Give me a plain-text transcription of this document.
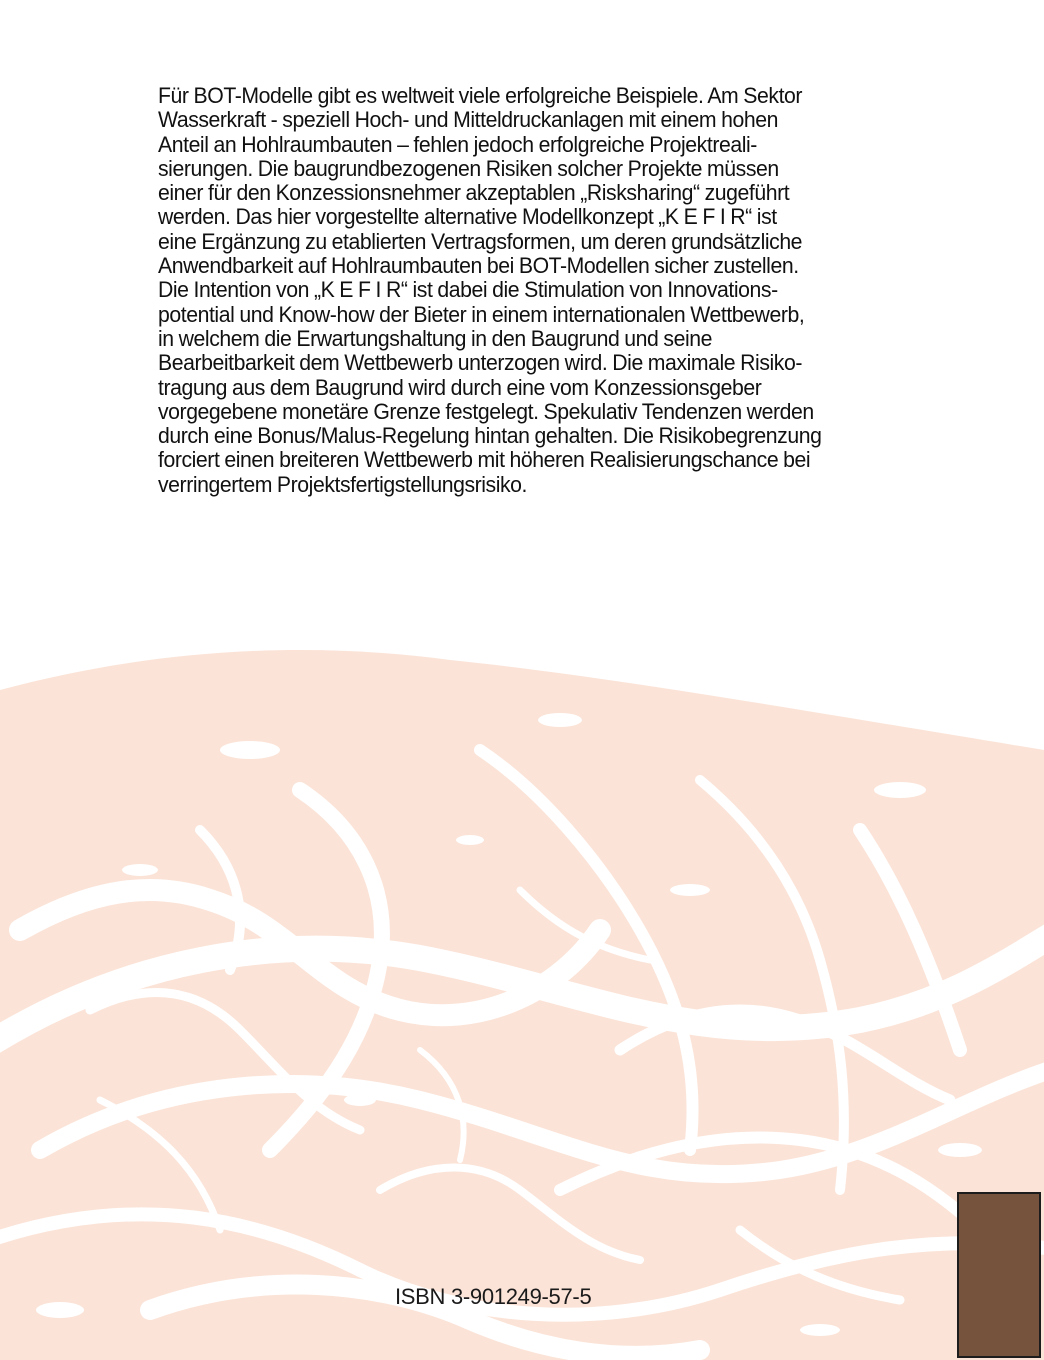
Für BOT-Modelle gibt es weltweit viele erfolgreiche Beispiele. Am Sektor
Wasserkraft - speziell Hoch- und Mitteldruckanlagen mit einem hohen
Anteil an Hohlraumbauten – fehlen jedoch erfolgreiche Projektreali-
sierungen. Die baugrundbezogenen Risiken solcher Projekte müssen
einer für den Konzessionsnehmer akzeptablen „Risksharing“ zugeführt
werden. Das hier vorgestellte alternative Modellkonzept „K E F I R“ ist
eine Ergänzung zu etablierten Vertragsformen, um deren grundsätzliche
Anwendbarkeit auf Hohlraumbauten bei BOT-Modellen sicher zustellen.
Die Intention von „K E F I R“ ist dabei die Stimulation von Innovations-
potential und Know-how der Bieter in einem internationalen Wettbewerb,
in welchem die Erwartungshaltung in den Baugrund und seine
Bearbeitbarkeit dem Wettbewerb unterzogen wird. Die maximale Risiko-
tragung aus dem Baugrund wird durch eine vom Konzessionsgeber
vorgegebene monetäre Grenze festgelegt. Spekulativ Tendenzen werden
durch eine Bonus/Malus-Regelung hintan gehalten. Die Risikobegrenzung
forciert einen breiteren Wettbewerb mit höheren Realisierungschance bei
verringertem Projektsfertigstellungsrisiko.

ISBN 3-901249-57-5
